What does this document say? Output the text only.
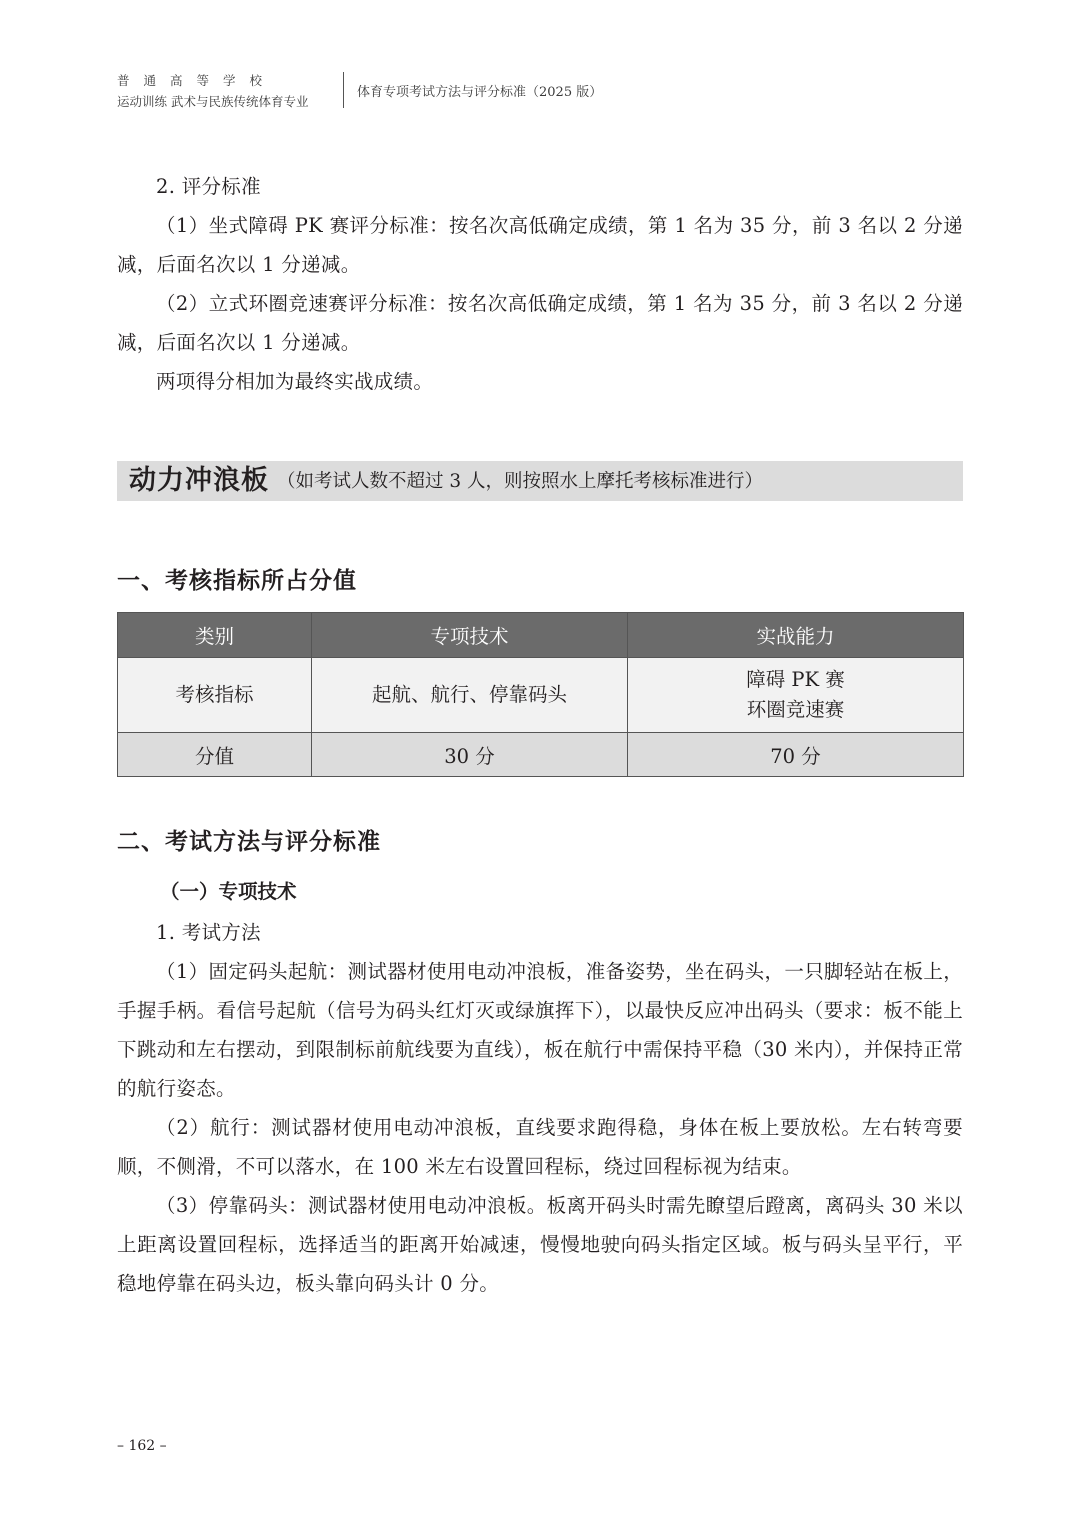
普通高等学校
运动训练 武术与民族传统体育专业
体育专项考试方法与评分标准（2025 版）

2. 评分标准

（1）坐式障碍 PK 赛评分标准：按名次高低确定成绩，第 1 名为 35 分，前 3 名以 2 分递减，后面名次以 1 分递减。

（2）立式环圈竞速赛评分标准：按名次高低确定成绩，第 1 名为 35 分，前 3 名以 2 分递减，后面名次以 1 分递减。

两项得分相加为最终实战成绩。

动力冲浪板 （如考试人数不超过 3 人，则按照水上摩托考核标准进行）
一、考核指标所占分值
类别	专项技术	实战能力
考核指标	起航、航行、停靠码头	障碍 PK 赛
环圈竞速赛

分值	30 分	70 分
二、考试方法与评分标准
（一）专项技术

1. 考试方法

（1）固定码头起航：测试器材使用电动冲浪板，准备姿势，坐在码头，一只脚轻站在板上，手握手柄。看信号起航（信号为码头红灯灭或绿旗挥下），以最快反应冲出码头（要求：板不能上下跳动和左右摆动，到限制标前航线要为直线），板在航行中需保持平稳（30 米内），并保持正常的航行姿态。

（2）航行：测试器材使用电动冲浪板，直线要求跑得稳，身体在板上要放松。左右转弯要顺，不侧滑，不可以落水，在 100 米左右设置回程标，绕过回程标视为结束。

（3）停靠码头：测试器材使用电动冲浪板。板离开码头时需先瞭望后蹬离，离码头 30 米以上距离设置回程标，选择适当的距离开始减速，慢慢地驶向码头指定区域。板与码头呈平行，平稳地停靠在码头边，板头靠向码头计 0 分。

– 162 –
